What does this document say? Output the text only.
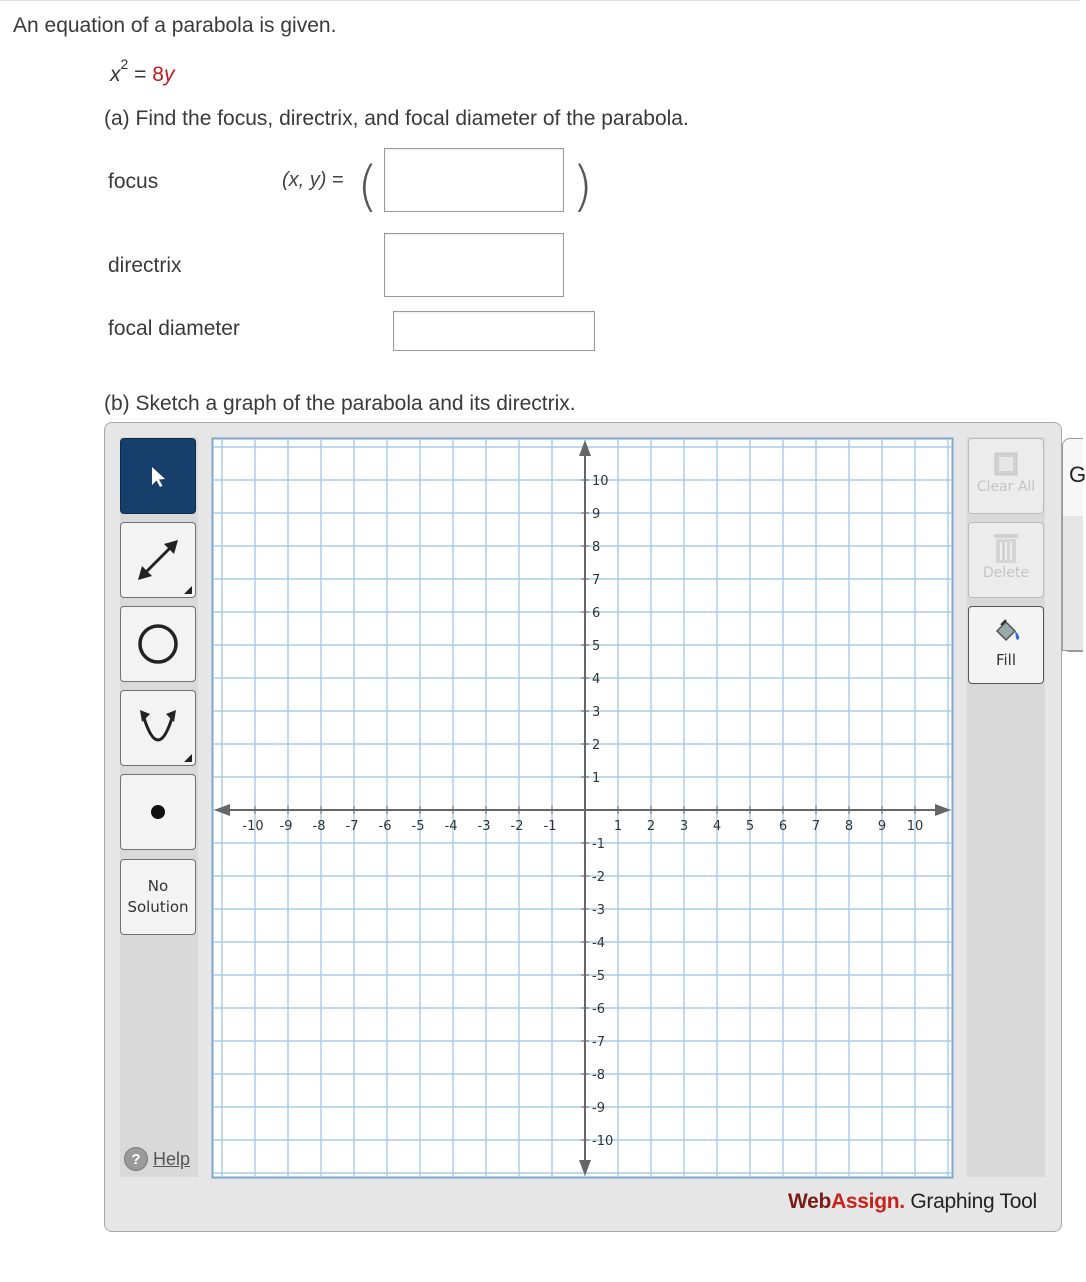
An equation of a parabola is given.
$x^2 = 8y$
(a) Find the focus, directrix, and focal diameter of the parabola.
focus	(x, y) = (	)
directrix
focal diameter
(b) Sketch a graph of the parabola and its directrix.
G
No
Solution
? Help
Clear All
Delete
Fill
-10 -9 -8 -7 -6 -5 -4 -3 -2 -1	1 2 3 4 5 6 7 8 9 10
10
9
8
7
6
5
4
3
2
1
-1
-2
-3
-4
-5
-6
-7
-8
-9
-10
WebAssign. Graphing Tool
